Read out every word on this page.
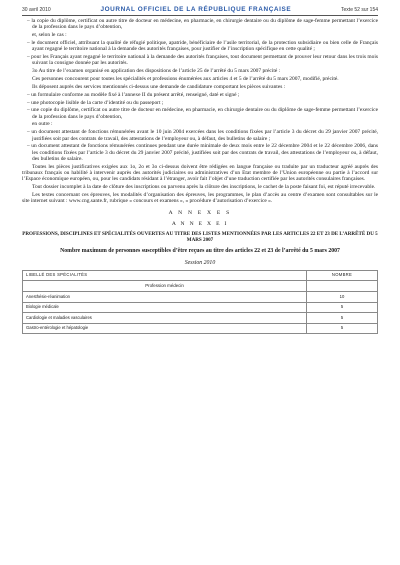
30 avril 2010	JOURNAL OFFICIEL DE LA RÉPUBLIQUE FRANÇAISE	Texte 52 sur 154

– la copie du diplôme, certificat ou autre titre de docteur en médecine, en pharmacie, en chirurgie dentaire ou du diplôme de sage-femme permettant l’exercice de la profession dans le pays d’obtention,

et, selon le cas :

– le document officiel, attribuant la qualité de réfugié politique, apatride, bénéficiaire de l’asile territorial, de la protection subsidiaire ou bien celle de Français ayant regagné le territoire national à la demande des autorités françaises, pour justifier de l’inscription spécifique en cette qualité ;

– pour les Français ayant regagné le territoire national à la demande des autorités françaises, tout document permettant de prouver leur retour dans les trois mois suivant la consigne donnée par les autorités.

3o Au titre de l’examen organisé en application des dispositions de l’article 25 de l’arrêté du 5 mars 2007 précité :

Ces personnes concourent pour toutes les spécialités et professions énumérées aux articles 4 et 5 de l’arrêté du 5 mars 2007, modifié, précité.

Ils déposent auprès des services mentionnés ci-dessus une demande de candidature comportant les pièces suivantes :

– un formulaire conforme au modèle fixé à l’annexe II du présent arrêté, renseigné, daté et signé ;

– une photocopie lisible de la carte d’identité ou du passeport ;

– une copie du diplôme, certificat ou autre titre de docteur en médecine, en pharmacie, en chirurgie dentaire ou du diplôme de sage-femme permettant l’exercice de la profession dans le pays d’obtention,

en outre :

– un document attestant de fonctions rémunérées avant le 10 juin 2004 exercées dans les conditions fixées par l’article 3 du décret du 29 janvier 2007 précité, justifiées soit par des contrats de travail, des attestations de l’employeur ou, à défaut, des bulletins de salaire ;

– un document attestant de fonctions rémunérées continues pendant une durée minimale de deux mois entre le 22 décembre 2004 et le 22 décembre 2006, dans les conditions fixées par l’article 3 du décret du 29 janvier 2007 précité, justifiées soit par des contrats de travail, des attestations de l’employeur ou, à défaut, des bulletins de salaire.

Toutes les pièces justificatives exigées aux 1o, 2o et 3o ci-dessus doivent être rédigées en langue française ou traduite par un traducteur agréé auprès des tribunaux français ou habilité à intervenir auprès des autorités judiciaires ou administratives d’un Etat membre de l’Union européenne ou partie à l’accord sur l’Espace économique européen, ou, pour les candidats résidant à l’étranger, avoir fait l’objet d’une traduction certifiée par les autorités consulaires françaises.

Tout dossier incomplet à la date de clôture des inscriptions ou parvenu après la clôture des inscriptions, le cachet de la poste faisant foi, est réputé irrecevable.

Les textes concernant ces épreuves, les modalités d’organisation des épreuves, les programmes, le plan d’accès au centre d’examen sont consultables sur le site internet suivant : www.cng.sante.fr, rubrique « concours et examens », « procédure d’autorisation d’exercice ».

A N N E X E S
A N N E X E I
PROFESSIONS, DISCIPLINES ET SPÉCIALITÉS OUVERTES AU TITRE DES LISTES MENTIONNÉES PAR LES ARTICLES 22 ET 23 DE L’ARRÊTÉ DU 5 MARS 2007
Nombre maximum de personnes susceptibles d’être reçues au titre des articles 22 et 23 de l’arrêté du 5 mars 2007
Session 2010
LIBELLÉ DES SPÉCIALITÉS	NOMBRE
Profession médecin	
Anesthésie-réanimation	10
Biologie médicale	5
Cardiologie et maladies vasculaires	5
Gastro-entérologie et hépatologie	5
